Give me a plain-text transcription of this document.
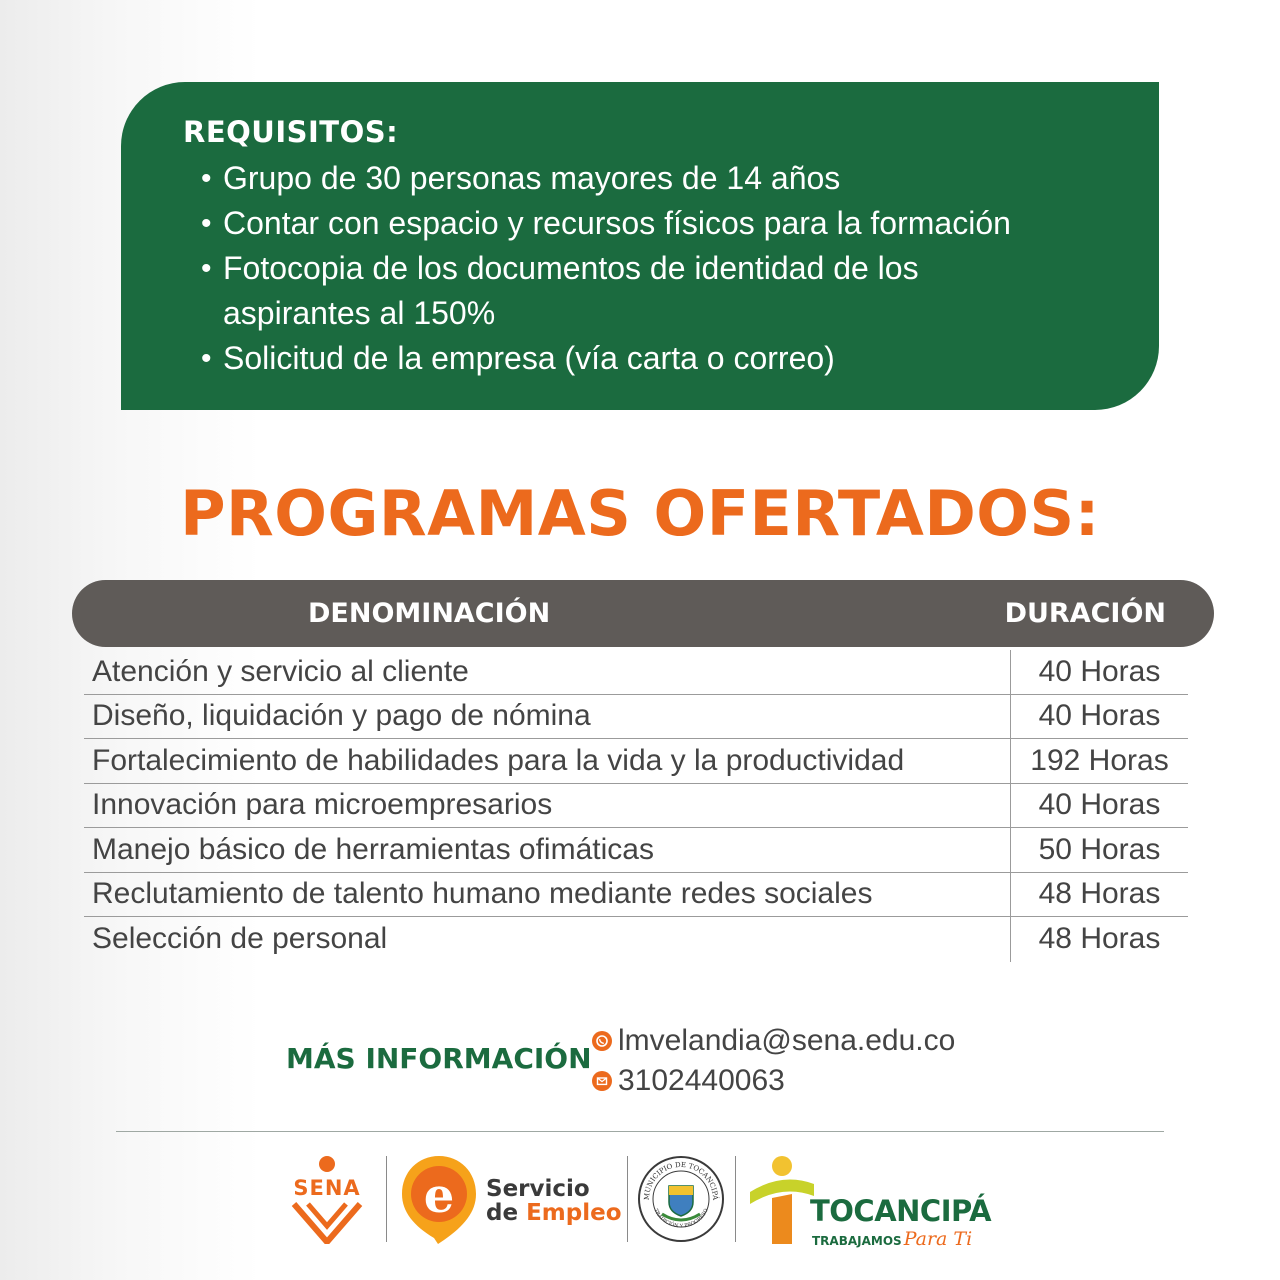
REQUISITOS:
• Grupo de 30 personas mayores de 14 años
• Contar con espacio y recursos físicos para la formación
• Fotocopia de los documentos de identidad de los
aspirantes al 150%
• Solicitud de la empresa (vía carta o correo)
PROGRAMAS OFERTADOS:
DENOMINACIÓN	DURACIÓN
Atención y servicio al cliente	40 Horas
Diseño, liquidación y pago de nómina	40 Horas
Fortalecimiento de habilidades para la vida y la productividad	192 Horas
Innovación para microempresarios	40 Horas
Manejo básico de herramientas ofimáticas	50 Horas
Reclutamiento de talento humano mediante redes sociales	48 Horas
Selección de personal	48 Horas
MÁS INFORMACIÓN
lmvelandia@sena.edu.co
3102440063
SENA e Servicio
de Empleo
MUNICIPIO DE TOCANCIPÁ
TRADICIÓN Y PROGRESO	TOCANCIPÁ
TRABAJAMOS Para Ti
